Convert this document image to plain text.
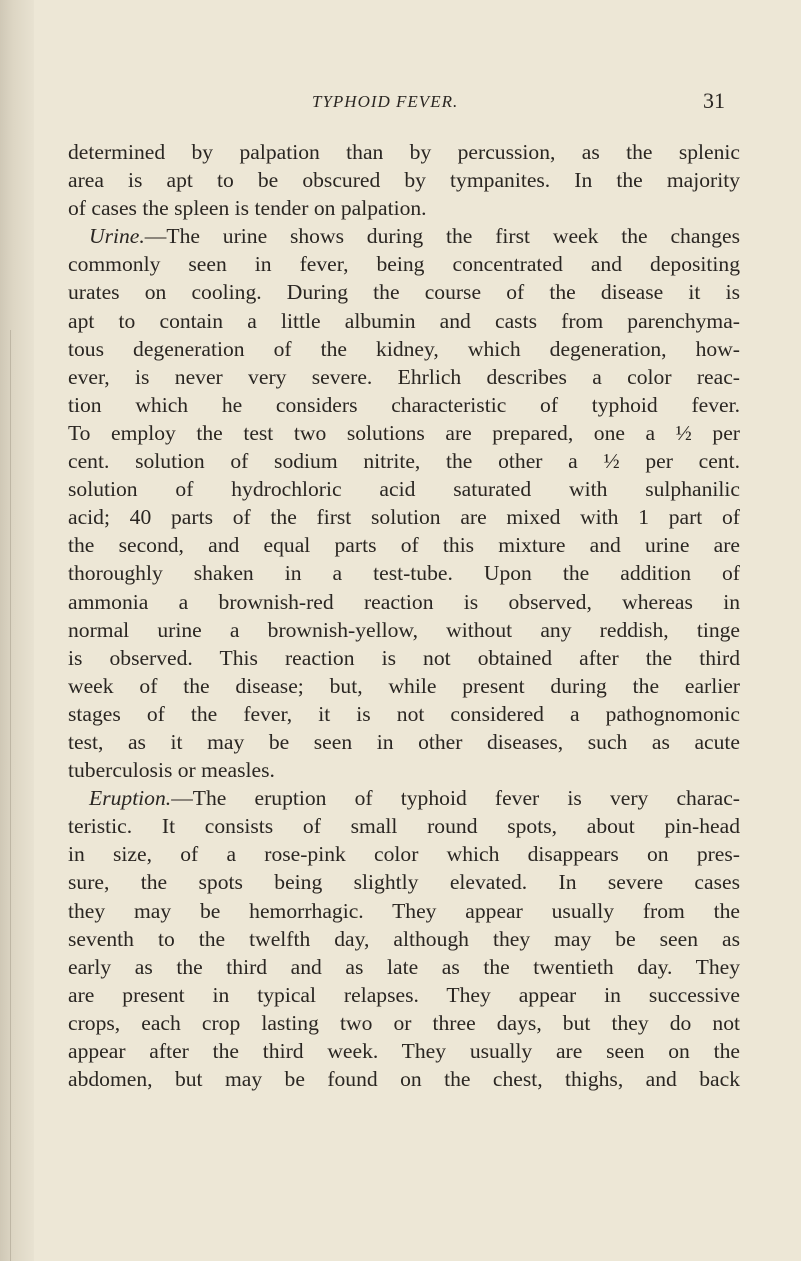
TYPHOID FEVER.	31
determined by palpation than by percussion, as the splenic
area is apt to be obscured by tympanites. In the majority
of cases the spleen is tender on palpation.
Urine.—The urine shows during the first week the changes
commonly seen in fever, being concentrated and depositing
urates on cooling. During the course of the disease it is
apt to contain a little albumin and casts from parenchyma-
tous degeneration of the kidney, which degeneration, how-
ever, is never very severe. Ehrlich describes a color reac-
tion which he considers characteristic of typhoid fever.
To employ the test two solutions are prepared, one a ½ per
cent. solution of sodium nitrite, the other a ½ per cent.
solution of hydrochloric acid saturated with sulphanilic
acid; 40 parts of the first solution are mixed with 1 part of
the second, and equal parts of this mixture and urine are
thoroughly shaken in a test-tube. Upon the addition of
ammonia a brownish-red reaction is observed, whereas in
normal urine a brownish-yellow, without any reddish, tinge
is observed. This reaction is not obtained after the third
week of the disease; but, while present during the earlier
stages of the fever, it is not considered a pathognomonic
test, as it may be seen in other diseases, such as acute
tuberculosis or measles.
Eruption.—The eruption of typhoid fever is very charac-
teristic. It consists of small round spots, about pin-head
in size, of a rose-pink color which disappears on pres-
sure, the spots being slightly elevated. In severe cases
they may be hemorrhagic. They appear usually from the
seventh to the twelfth day, although they may be seen as
early as the third and as late as the twentieth day. They
are present in typical relapses. They appear in successive
crops, each crop lasting two or three days, but they do not
appear after the third week. They usually are seen on the
abdomen, but may be found on the chest, thighs, and back
